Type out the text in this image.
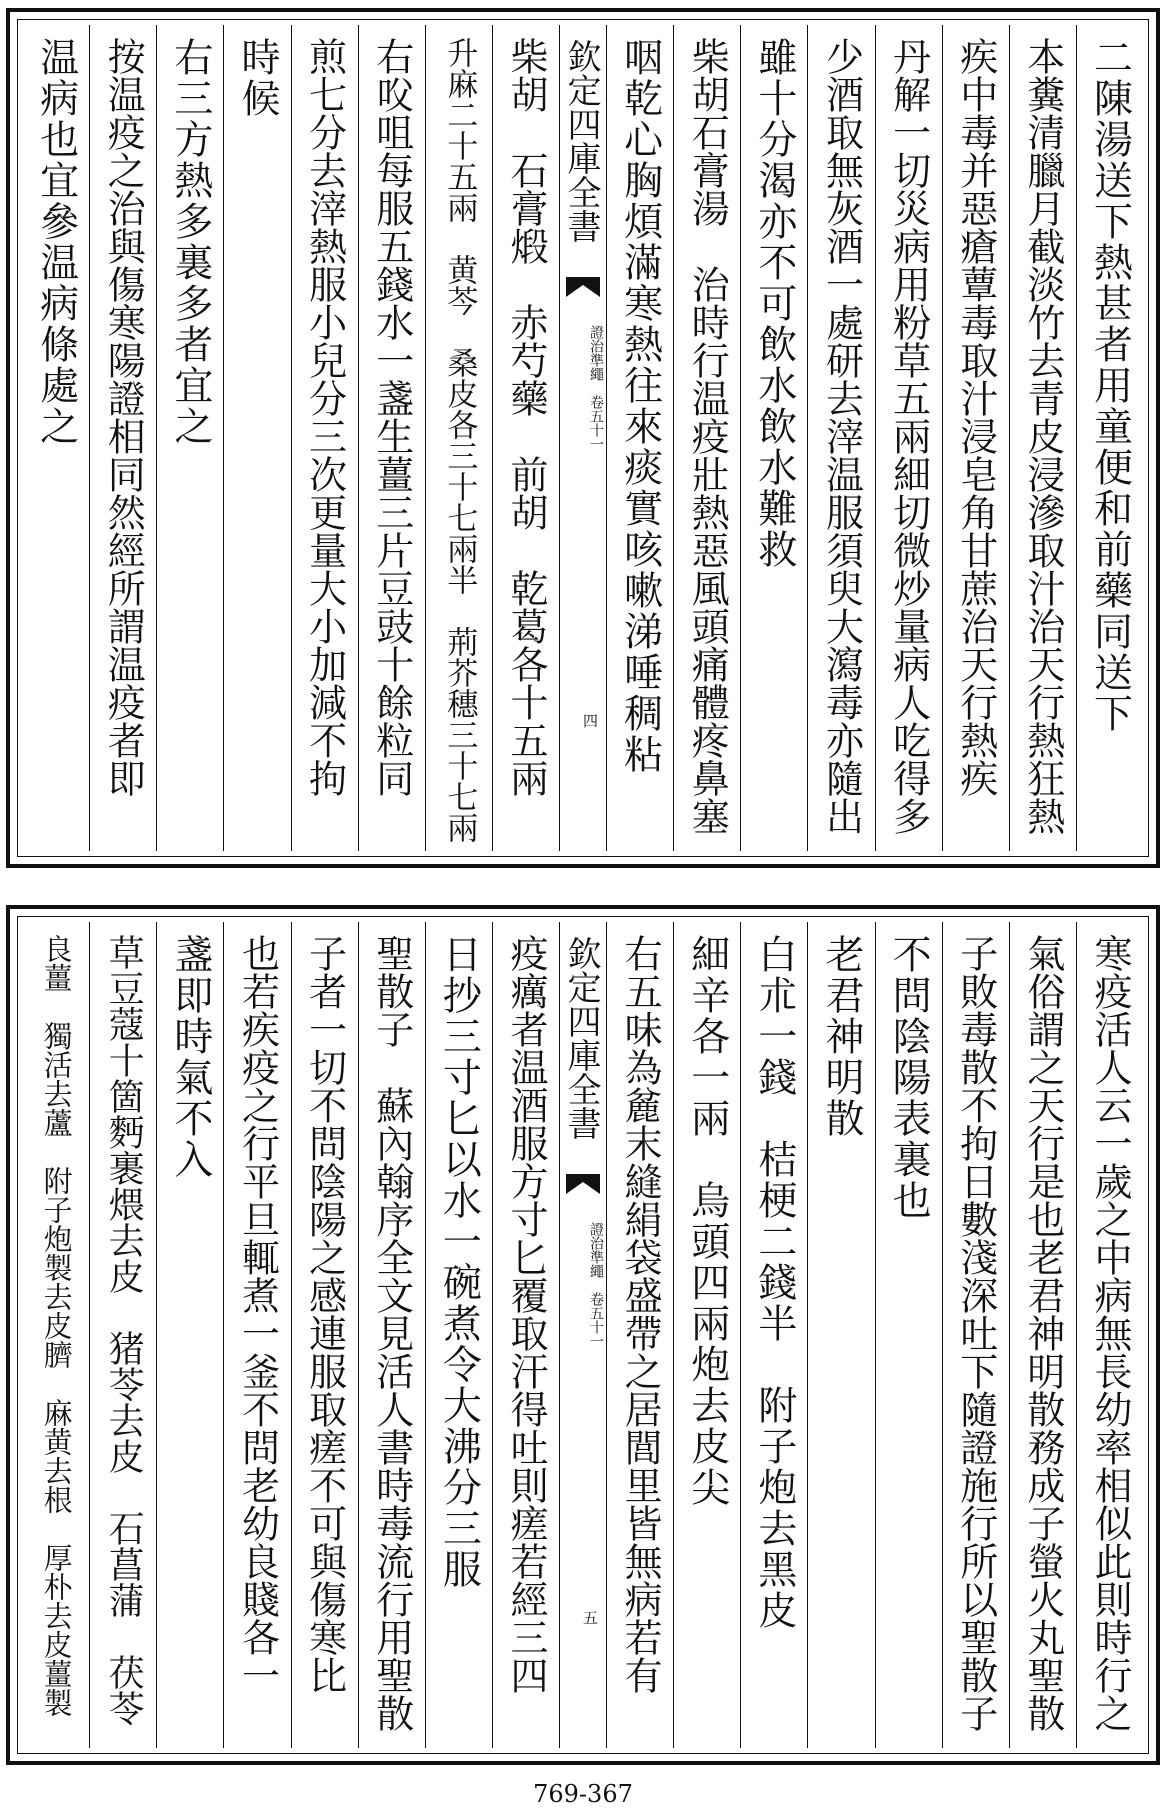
二陳湯送下熱甚者用童便和前藥同送下
本糞清臘月截淡竹去青皮浸滲取汁治天行熱狂熱
疾中毒并惡瘡蕈毒取汁浸皂角甘蔗治天行熱疾
丹解一切災病用粉草五兩細切微炒量病人吃得多
少酒取無灰酒一處研去滓温服須臾大瀉毒亦隨出
雖十分渴亦不可飲水飲水難救
柴胡石膏湯　治時行温疫壯熱惡風頭痛體疼鼻塞
咽乾心胸煩滿寒熱往來痰實咳嗽涕唾稠粘
欽定四庫全書
證治準繩　卷五十一
四
柴胡　石膏煅　赤芍藥　前胡　乾葛各十五兩
升麻二十五兩　黄芩　桑皮各三十七兩半　荊芥穗三十七兩
右㕮咀每服五錢水一盞生薑三片豆豉十餘粒同
煎七分去滓熱服小兒分三次更量大小加減不拘
時候
右三方熱多裏多者宜之
按温疫之治與傷寒陽證相同然經所謂温疫者即
温病也宜參温病條處之
寒疫活人云一歲之中病無長幼率相似此則時行之
氣俗謂之天行是也老君神明散務成子螢火丸聖散
子敗毒散不拘日數淺深吐下隨證施行所以聖散子
不問陰陽表裏也
老君神明散
白朮一錢　桔梗二錢半　附子炮去黑皮
細辛各一兩　烏頭四兩炮去皮尖
右五味為麄末縫絹袋盛帶之居閭里皆無病若有
欽定四庫全書
證治準繩　卷五十一
五
疫癘者温酒服方寸匕覆取汗得吐則瘥若經三四
日抄三寸匕以水一碗煮令大沸分三服
聖散子　蘇內翰序全文見活人書時毒流行用聖散
子者一切不問陰陽之感連服取瘥不可與傷寒比
也若疾疫之行平旦輒煮一釜不問老幼良賤各一
盞即時氣不入
草豆蔻十箇麪裹煨去皮　猪苓去皮　石菖蒲　茯苓
良薑　獨活去蘆　附子炮製去皮臍　麻黄去根　厚朴去皮薑製
769-367
